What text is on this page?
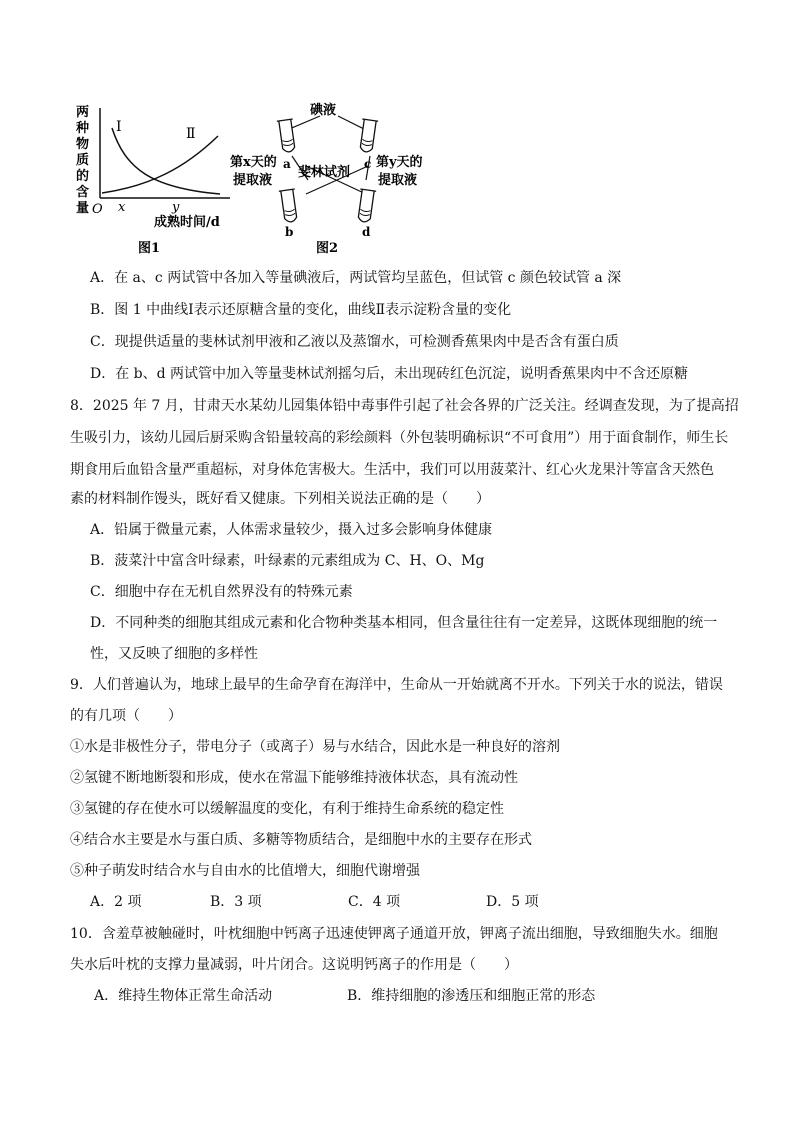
两
种
物
质
的
含
量
Ⅰ	Ⅱ
O x	y
成熟时间/d
图1
碘液
a	c
b	d
第x天的
提取液
斐林试剂
第y天的
提取液
图2
A．在 a、c 两试管中各加入等量碘液后，两试管均呈蓝色，但试管 c 颜色较试管 a 深
B．图 1 中曲线Ⅰ表示还原糖含量的变化，曲线Ⅱ表示淀粉含量的变化
C．现提供适量的斐林试剂甲液和乙液以及蒸馏水，可检测香蕉果肉中是否含有蛋白质
D．在 b、d 两试管中加入等量斐林试剂摇匀后，未出现砖红色沉淀，说明香蕉果肉中不含还原糖
8．2025 年 7 月，甘肃天水某幼儿园集体铅中毒事件引起了社会各界的广泛关注。经调查发现，为了提高招
生吸引力，该幼儿园后厨采购含铅量较高的彩绘颜料（外包装明确标识“不可食用”）用于面食制作，师生长
期食用后血铅含量严重超标，对身体危害极大。生活中，我们可以用菠菜汁、红心火龙果汁等富含天然色
素的材料制作馒头，既好看又健康。下列相关说法正确的是（　　）
A．铅属于微量元素，人体需求量较少，摄入过多会影响身体健康
B．菠菜汁中富含叶绿素，叶绿素的元素组成为 C、H、O、Mg
C．细胞中存在无机自然界没有的特殊元素
D．不同种类的细胞其组成元素和化合物种类基本相同，但含量往往有一定差异，这既体现细胞的统一
性，又反映了细胞的多样性
9．人们普遍认为，地球上最早的生命孕育在海洋中，生命从一开始就离不开水。下列关于水的说法，错误
的有几项（　　）
①水是非极性分子，带电分子（或离子）易与水结合，因此水是一种良好的溶剂
②氢键不断地断裂和形成，使水在常温下能够维持液体状态，具有流动性
③氢键的存在使水可以缓解温度的变化，有利于维持生命系统的稳定性
④结合水主要是水与蛋白质、多糖等物质结合，是细胞中水的主要存在形式
⑤种子萌发时结合水与自由水的比值增大，细胞代谢增强
A．2 项	B．3 项	C．4 项	D．5 项
10．含羞草被触碰时，叶枕细胞中钙离子迅速使钾离子通道开放，钾离子流出细胞，导致细胞失水。细胞
失水后叶枕的支撑力量减弱，叶片闭合。这说明钙离子的作用是（　　）
A．维持生物体正常生命活动	B．维持细胞的渗透压和细胞正常的形态
